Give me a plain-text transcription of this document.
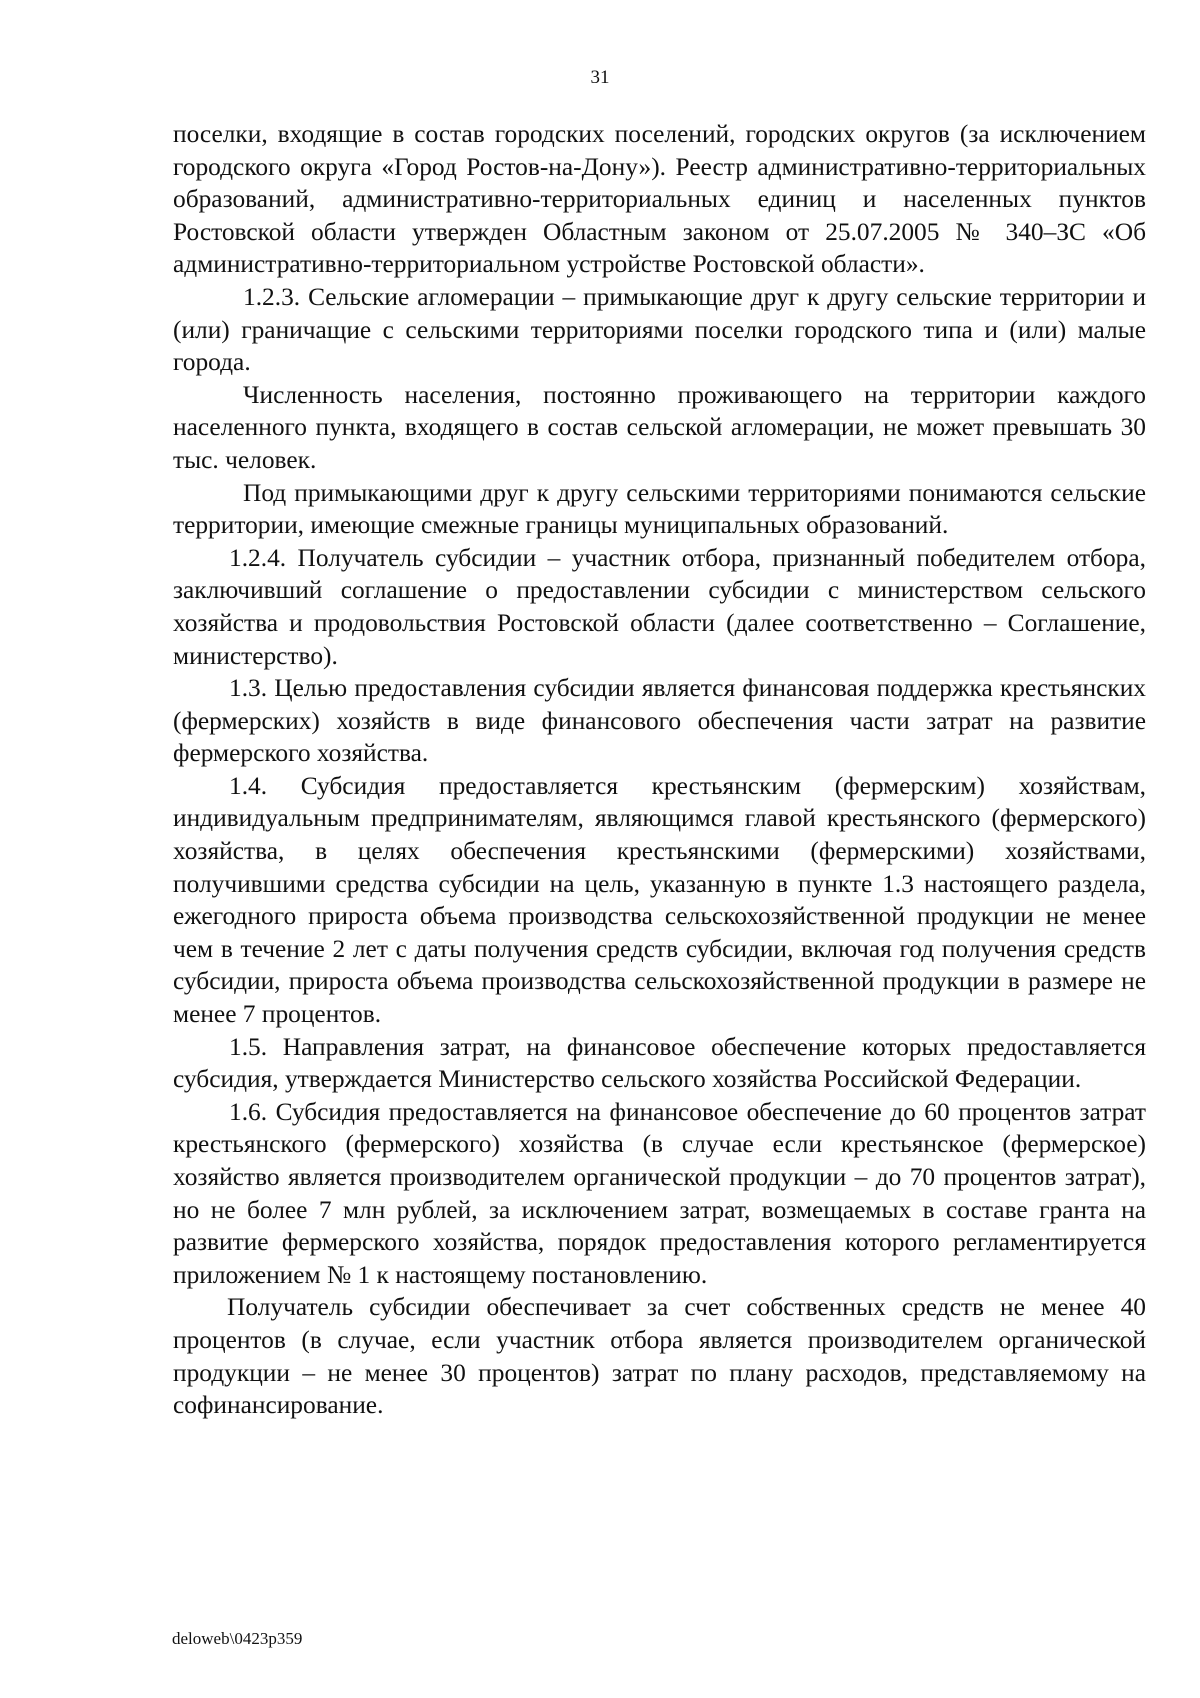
31

поселки, входящие в состав городских поселений, городских округов (за исключением городского округа «Город Ростов-на-Дону»). Реестр административно-территориальных образований, административно-территориальных единиц и населенных пунктов Ростовской области утвержден Областным законом от 25.07.2005 № 340–ЗС «Об административно-территориальном устройстве Ростовской области».

1.2.3. Сельские агломерации – примыкающие друг к другу сельские территории и (или) граничащие с сельскими территориями поселки городского типа и (или) малые города.

Численность населения, постоянно проживающего на территории каждого населенного пункта, входящего в состав сельской агломерации, не может превышать 30 тыс. человек.

Под примыкающими друг к другу сельскими территориями понимаются сельские территории, имеющие смежные границы муниципальных образований.

1.2.4. Получатель субсидии – участник отбора, признанный победителем отбора, заключивший соглашение о предоставлении субсидии с министерством сельского хозяйства и продовольствия Ростовской области (далее соответственно – Соглашение, министерство).

1.3. Целью предоставления субсидии является финансовая поддержка крестьянских (фермерских) хозяйств в виде финансового обеспечения части затрат на развитие фермерского хозяйства.

1.4. Субсидия предоставляется крестьянским (фермерским) хозяйствам, индивидуальным предпринимателям, являющимся главой крестьянского (фермерского) хозяйства, в целях обеспечения крестьянскими (фермерскими) хозяйствами, получившими средства субсидии на цель, указанную в пункте 1.3 настоящего раздела, ежегодного прироста объема производства сельскохозяйственной продукции не менее чем в течение 2 лет с даты получения средств субсидии, включая год получения средств субсидии, прироста объема производства сельскохозяйственной продукции в размере не менее 7 процентов.

1.5. Направления затрат, на финансовое обеспечение которых предоставляется субсидия, утверждается Министерство сельского хозяйства Российской Федерации.

1.6. Субсидия предоставляется на финансовое обеспечение до 60 процентов затрат крестьянского (фермерского) хозяйства (в случае если крестьянское (фермерское) хозяйство является производителем органической продукции – до 70 процентов затрат), но не более 7 млн рублей, за исключением затрат, возмещаемых в составе гранта на развитие фермерского хозяйства, порядок предоставления которого регламентируется приложением № 1 к настоящему постановлению.

Получатель субсидии обеспечивает за счет собственных средств не менее 40 процентов (в случае, если участник отбора является производителем органической продукции – не менее 30 процентов) затрат по плану расходов, представляемому на софинансирование.

deloweb\0423p359
